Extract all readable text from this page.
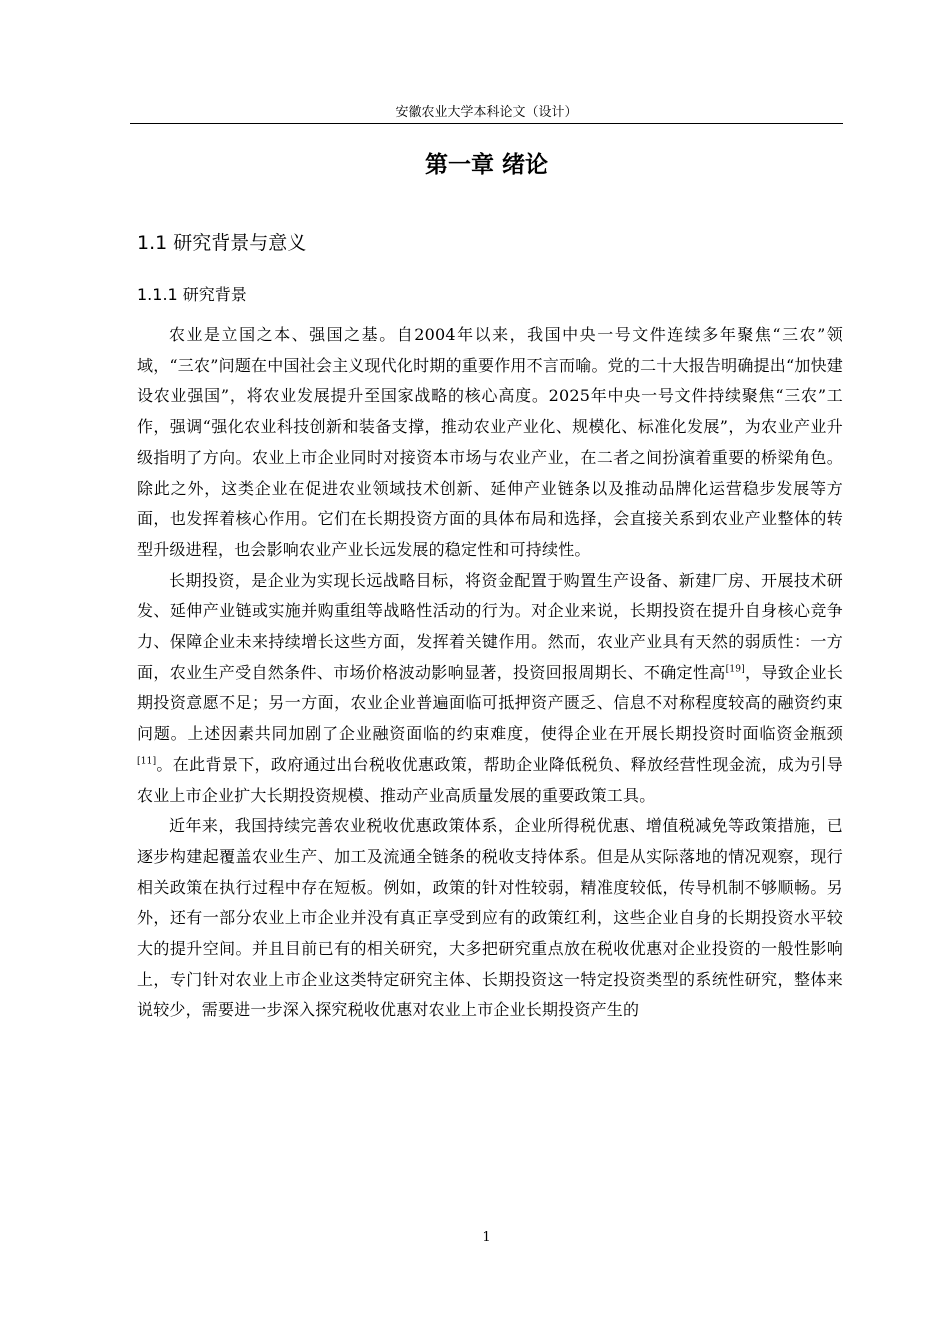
安徽农业大学本科论文（设计）
第一章 绪论
1.1 研究背景与意义
1.1.1 研究背景

农业是立国之本、强国之基。自2004年以来，我国中央一号文件连续多年聚焦“三农”领域，“三农”问题在中国社会主义现代化时期的重要作用不言而喻。党的二十大报告明确提出“加快建设农业强国”，将农业发展提升至国家战略的核心高度。2025年中央一号文件持续聚焦“三农”工作，强调“强化农业科技创新和装备支撑，推动农业产业化、规模化、标准化发展”，为农业产业升级指明了方向。农业上市企业同时对接资本市场与农业产业，在二者之间扮演着重要的桥梁角色。除此之外，这类企业在促进农业领域技术创新、延伸产业链条以及推动品牌化运营稳步发展等方面，也发挥着核心作用。它们在长期投资方面的具体布局和选择，会直接关系到农业产业整体的转型升级进程，也会影响农业产业长远发展的稳定性和可持续性。

长期投资，是企业为实现长远战略目标，将资金配置于购置生产设备、新建厂房、开展技术研发、延伸产业链或实施并购重组等战略性活动的行为。对企业来说，长期投资在提升自身核心竞争力、保障企业未来持续增长这些方面，发挥着关键作用。然而，农业产业具有天然的弱质性：一方面，农业生产受自然条件、市场价格波动影响显著，投资回报周期长、不确定性高[19]，导致企业长期投资意愿不足；另一方面，农业企业普遍面临可抵押资产匮乏、信息不对称程度较高的融资约束问题。上述因素共同加剧了企业融资面临的约束难度，使得企业在开展长期投资时面临资金瓶颈[11]。在此背景下，政府通过出台税收优惠政策，帮助企业降低税负、释放经营性现金流，成为引导农业上市企业扩大长期投资规模、推动产业高质量发展的重要政策工具。

近年来，我国持续完善农业税收优惠政策体系，企业所得税优惠、增值税减免等政策措施，已逐步构建起覆盖农业生产、加工及流通全链条的税收支持体系。但是从实际落地的情况观察，现行相关政策在执行过程中存在短板。例如，政策的针对性较弱，精准度较低，传导机制不够顺畅。另外，还有一部分农业上市企业并没有真正享受到应有的政策红利，这些企业自身的长期投资水平较大的提升空间。并且目前已有的相关研究，大多把研究重点放在税收优惠对企业投资的一般性影响上，专门针对农业上市企业这类特定研究主体、长期投资这一特定投资类型的系统性研究，整体来说较少，需要进一步深入探究税收优惠对农业上市企业长期投资产生的

1
